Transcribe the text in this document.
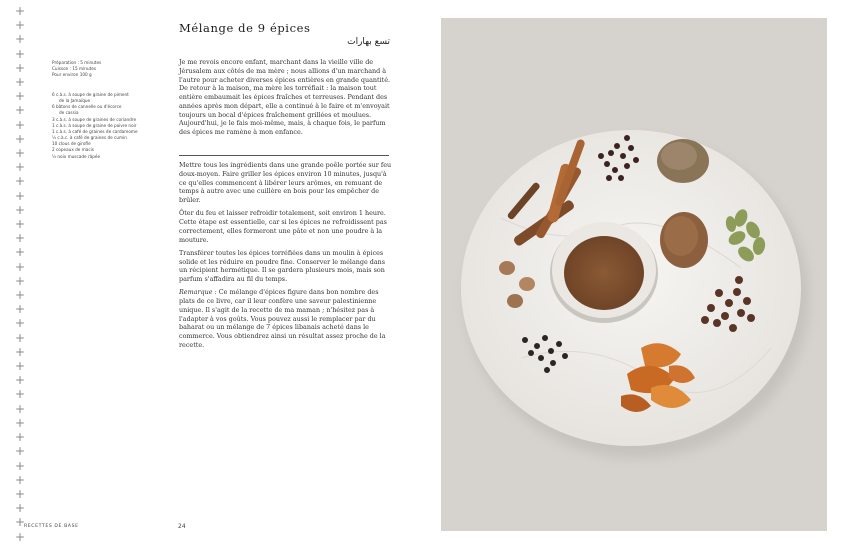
+
+
+
+
+
+
+
+
+
+
+
+
+
+
+
+
+
+
+
+
+
+
+
+
+
+
+
+
+
+
+
+
+
+
+
+
+
+
Mélange de 9 épices
تسع بهارات
Préparation : 5 minutes
Cuisson : 15 minutes
Pour environ 100 g
6 c.à.s. à soupe de graine de piment
de la Jamaïque
6 bâtons de cannelle ou d'écorce
de cassia
3 c.à.s. à soupe de graines de coriandre
1 c.à.s. à soupe de graine de poivre noir
1 c.à.s. à café de graines de cardamome
½ c.à.c. à café de graines de cumin
10 clous de girofle
2 copeaux de macis
½ noix muscade râpée
Je me revois encore enfant, marchant dans la vieille ville de Jérusalem aux côtés de ma mère ; nous allions d'un marchand à l'autre pour acheter diverses épices entières en grande quantité. De retour à la maison, ma mère les torréfiait : la maison tout entière embaumait les épices fraîches et terreuses. Pendant des années après mon départ, elle a continué à le faire et m'envoyait toujours un bocal d'épices fraîchement grillées et moulues. Aujourd'hui, je le fais moi-même, mais, à chaque fois, le parfum des épices me ramène à mon enfance.

Mettre tous les ingrédients dans une grande poêle portée sur feu doux-moyen. Faire griller les épices environ 10 minutes, jusqu'à ce qu'elles commencent à libérer leurs arômes, en remuant de temps à autre avec une cuillère en bois pour les empêcher de brûler.

Ôter du feu et laisser refroidir totalement, soit environ 1 heure. Cette étape est essentielle, car si les épices ne refroidissent pas correctement, elles formeront une pâte et non une poudre à la mouture.

Transférer toutes les épices torréfiées dans un moulin à épices solide et les réduire en poudre fine. Conserver le mélange dans un récipient hermétique. Il se gardera plusieurs mois, mais son parfum s'affadira au fil du temps.

Remarque : Ce mélange d'épices figure dans bon nombre des plats de ce livre, car il leur confère une saveur palestinienne unique. Il s'agit de la recette de ma maman ; n'hésitez pas à l'adapter à vos goûts. Vous pouvez aussi le remplacer par du baharat ou un mélange de 7 épices libanais acheté dans le commerce. Vous obtiendrez ainsi un résultat assez proche de la recette.

RECETTES DE BASE	24
